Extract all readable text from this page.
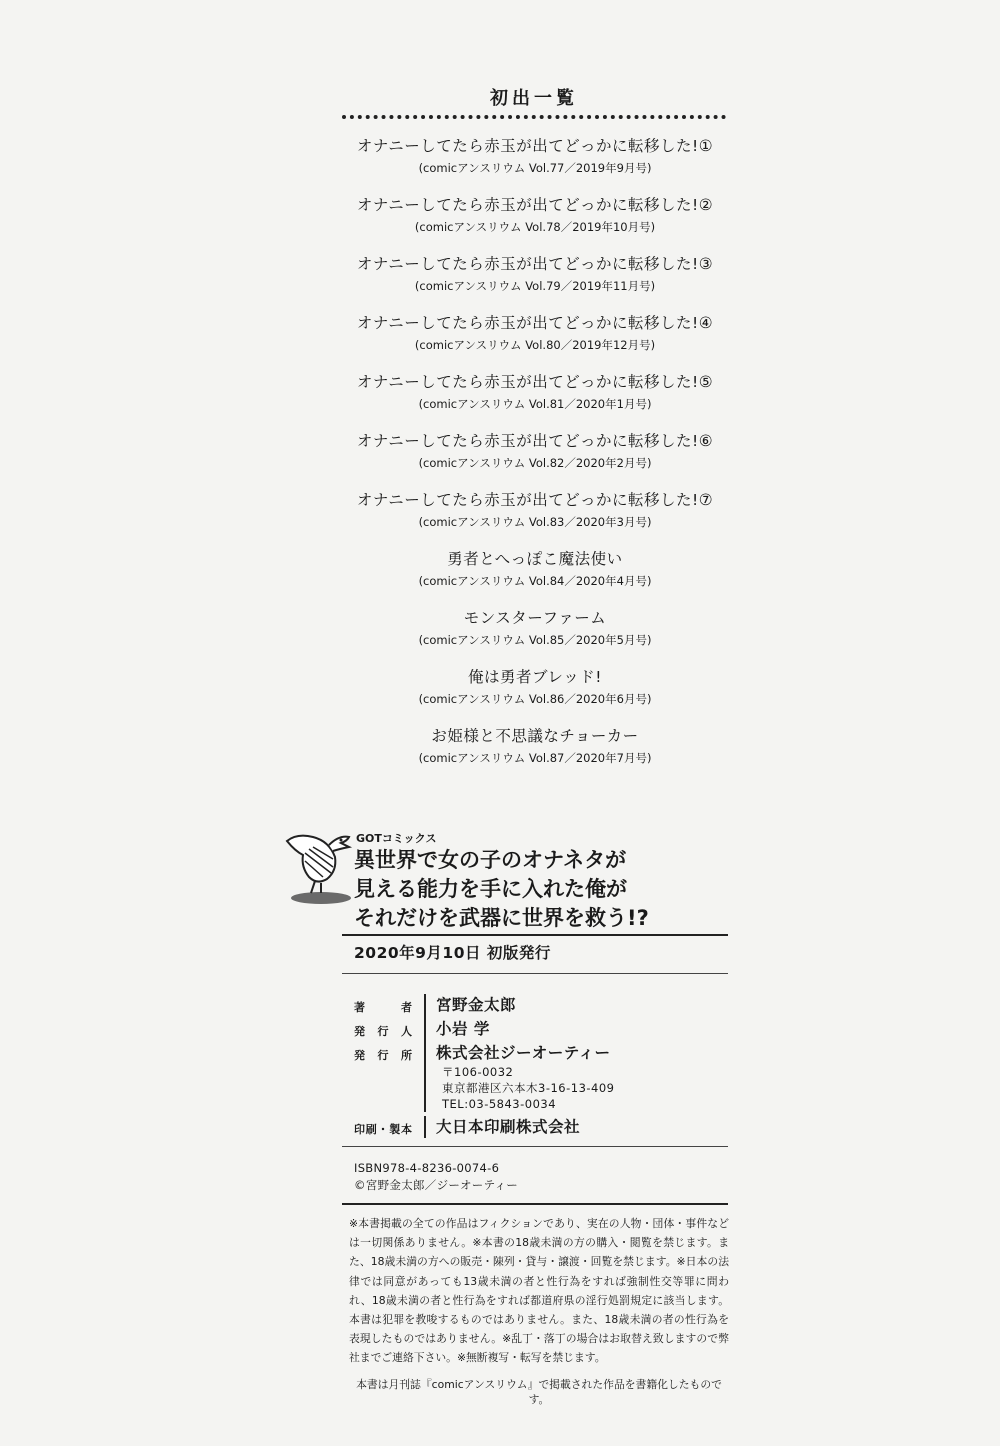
初出一覧
オナニーしてたら赤玉が出てどっかに転移した!①
(comicアンスリウム Vol.77／2019年9月号)
オナニーしてたら赤玉が出てどっかに転移した!②
(comicアンスリウム Vol.78／2019年10月号)
オナニーしてたら赤玉が出てどっかに転移した!③
(comicアンスリウム Vol.79／2019年11月号)
オナニーしてたら赤玉が出てどっかに転移した!④
(comicアンスリウム Vol.80／2019年12月号)
オナニーしてたら赤玉が出てどっかに転移した!⑤
(comicアンスリウム Vol.81／2020年1月号)
オナニーしてたら赤玉が出てどっかに転移した!⑥
(comicアンスリウム Vol.82／2020年2月号)
オナニーしてたら赤玉が出てどっかに転移した!⑦
(comicアンスリウム Vol.83／2020年3月号)
勇者とへっぽこ魔法使い
(comicアンスリウム Vol.84／2020年4月号)
モンスターファーム
(comicアンスリウム Vol.85／2020年5月号)
俺は勇者ブレッド!
(comicアンスリウム Vol.86／2020年6月号)
お姫様と不思議なチョーカー
(comicアンスリウム Vol.87／2020年7月号)
GOTコミックス
異世界で女の子のオナネタが
見える能力を手に入れた俺が
それだけを武器に世界を救う!?
2020年9月10日 初版発行
著　者 宮野金太郎
発行人 小岩 学
発行所 株式会社ジーオーティー
〒106-0032
東京都港区六本木3-16-13-409
TEL:03-5843-0034
印刷・製本 大日本印刷株式会社
ISBN978-4-8236-0074-6
©宮野金太郎／ジーオーティー
※本書掲載の全ての作品はフィクションであり、実在の人物・団体・事件などは一切関係ありません。※本書の18歳未満の方の購入・閲覧を禁じます。また、18歳未満の方への販売・陳列・貸与・譲渡・回覧を禁じます。※日本の法律では同意があっても13歳未満の者と性行為をすれば強制性交等罪に問われ、18歳未満の者と性行為をすれば都道府県の淫行処罰規定に該当します。本書は犯罪を教唆するものではありません。また、18歳未満の者の性行為を表現したものではありません。※乱丁・落丁の場合はお取替え致しますので弊社までご連絡下さい。※無断複写・転写を禁じます。
本書は月刊誌『comicアンスリウム』で掲載された作品を書籍化したものです。
